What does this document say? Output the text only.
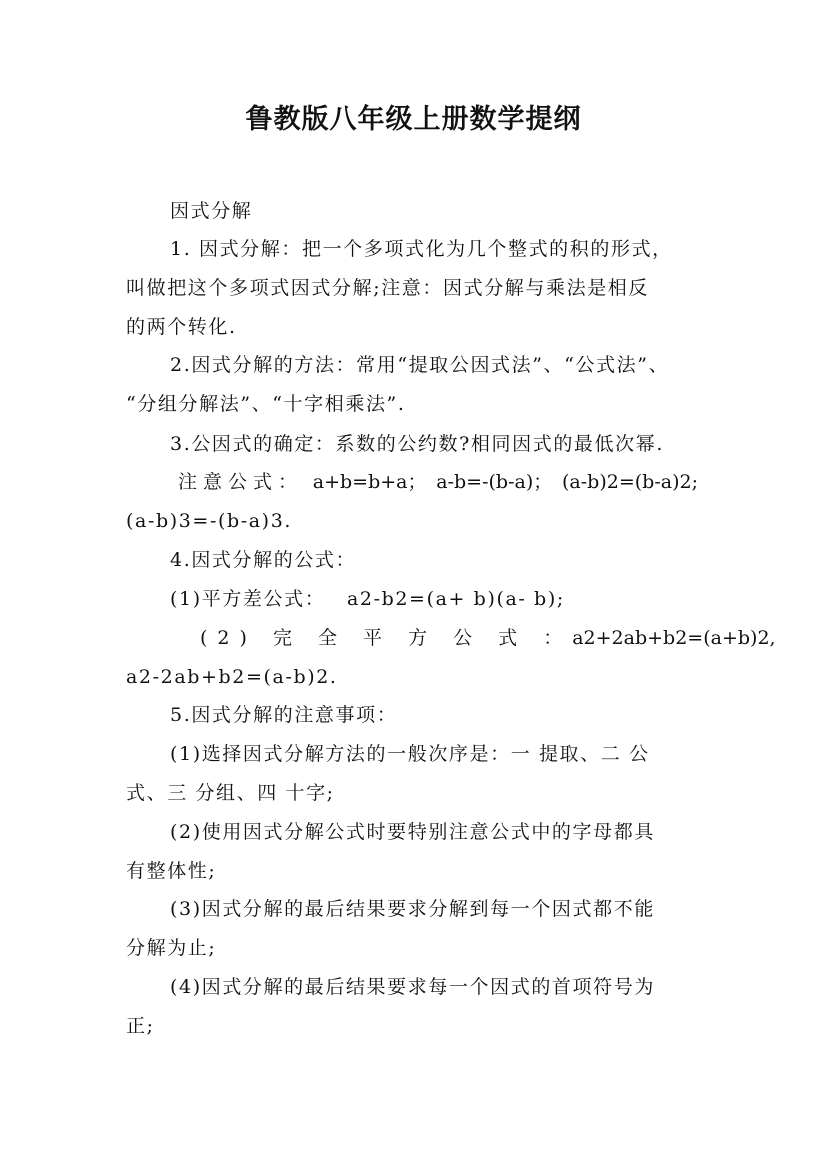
鲁教版八年级上册数学提纲
因式分解
1. 因式分解：把一个多项式化为几个整式的积的形式，
叫做把这个多项式因式分解;注意：因式分解与乘法是相反
的两个转化.
2.因式分解的方法：常用“提取公因式法”、“公式法”、
“分组分解法”、“十字相乘法”.
3.公因式的确定：系数的公约数?相同因式的最低次幂.
注意公式： a+b=b+a； a-b=-(b-a)； (a-b)2=(b-a)2;
(a-b)3=-(b-a)3.
4.因式分解的公式：
(1)平方差公式： a2-b2=(a+ b)(a- b);
(2) 完 全 平 方 公 式 ： a2+2ab+b2=(a+b)2,
a2-2ab+b2=(a-b)2.
5.因式分解的注意事项：
(1)选择因式分解方法的一般次序是：一 提取、二 公
式、三 分组、四 十字;
(2)使用因式分解公式时要特别注意公式中的字母都具
有整体性;
(3)因式分解的最后结果要求分解到每一个因式都不能
分解为止;
(4)因式分解的最后结果要求每一个因式的首项符号为
正;
